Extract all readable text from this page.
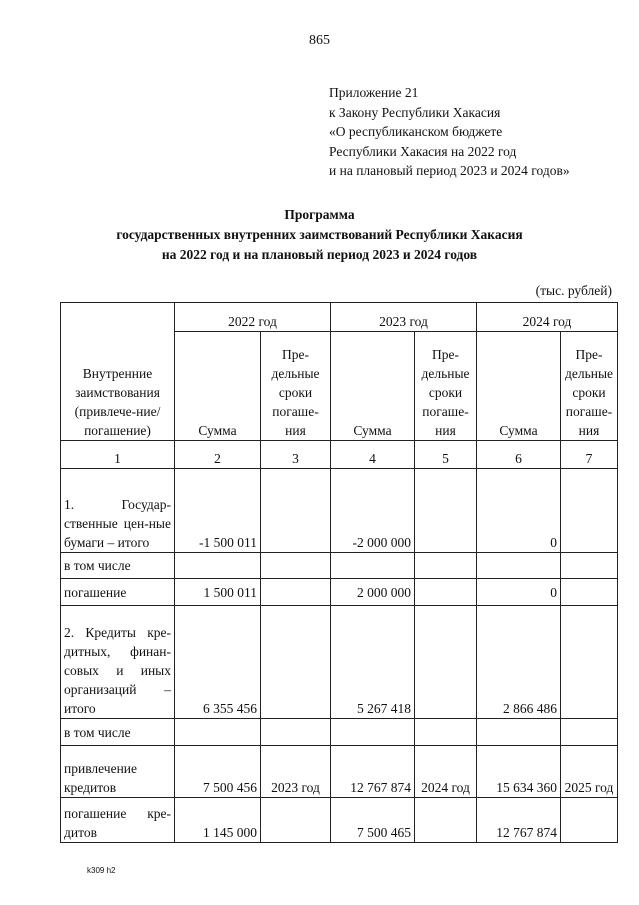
865
Приложение 21
к Закону Республики Хакасия
«О республиканском бюджете
Республики Хакасия на 2022 год
и на плановый период 2023 и 2024 годов»
Программа
государственных внутренних заимствований Республики Хакасия
на 2022 год и на плановый период 2023 и 2024 годов
(тыс. рублей)
Внутренние заимствования (привлече-ние/погашение)	2022 год		2023 год		2024 год	
	Сумма	Пре-дельные сроки погаше-ния	Сумма	Пре-дельные сроки погаше-ния	Сумма	Пре-дельные сроки погаше-ния
1	2	3	4	5	6	7
1. Государ-ственные цен-ные бумаги – итого	-1 500 011		-2 000 000		0	
в том числе						
погашение	1 500 011		2 000 000		0	
2. Кредиты кре-дитных, финан-совых и иных организаций – итого	6 355 456		5 267 418		2 866 486	
в том числе						
привлечение кредитов	7 500 456	2023 год	12 767 874	2024 год	15 634 360	2025 год
погашение кре-дитов	1 145 000		7 500 465		12 767 874	
k309 h2
